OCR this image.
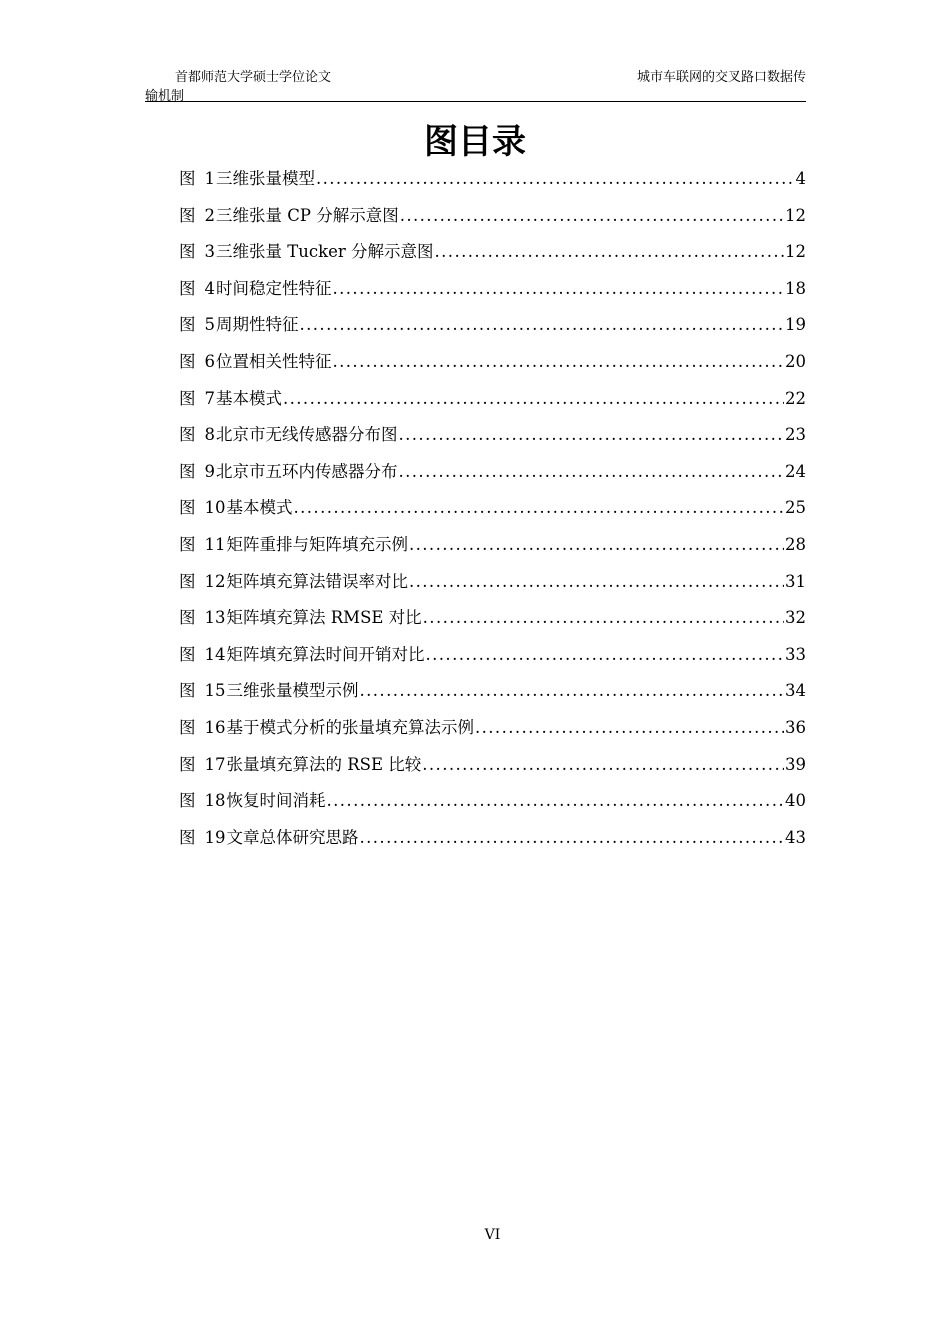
首都师范大学硕士学位论文
输机制
城市车联网的交叉路口数据传
图目录
图 1 三维张量模型 .....	4
图 2 三维张量 CP 分解示意图 .....	12
图 3 三维张量 Tucker 分解示意图 .....	12
图 4 时间稳定性特征 .....	18
图 5 周期性特征 .....	19
图 6 位置相关性特征 .....	20
图 7 基本模式 .....	22
图 8 北京市无线传感器分布图 .....	23
图 9 北京市五环内传感器分布 .....	24
图 10 基本模式 .....	25
图 11 矩阵重排与矩阵填充示例 .....	28
图 12 矩阵填充算法错误率对比 .....	31
图 13 矩阵填充算法 RMSE 对比 .....	32
图 14 矩阵填充算法时间开销对比 .....	33
图 15 三维张量模型示例 .....	34
图 16 基于模式分析的张量填充算法示例 .....	36
图 17 张量填充算法的 RSE 比较 .....	39
图 18 恢复时间消耗 .....	40
图 19 文章总体研究思路 .....	43
VI
